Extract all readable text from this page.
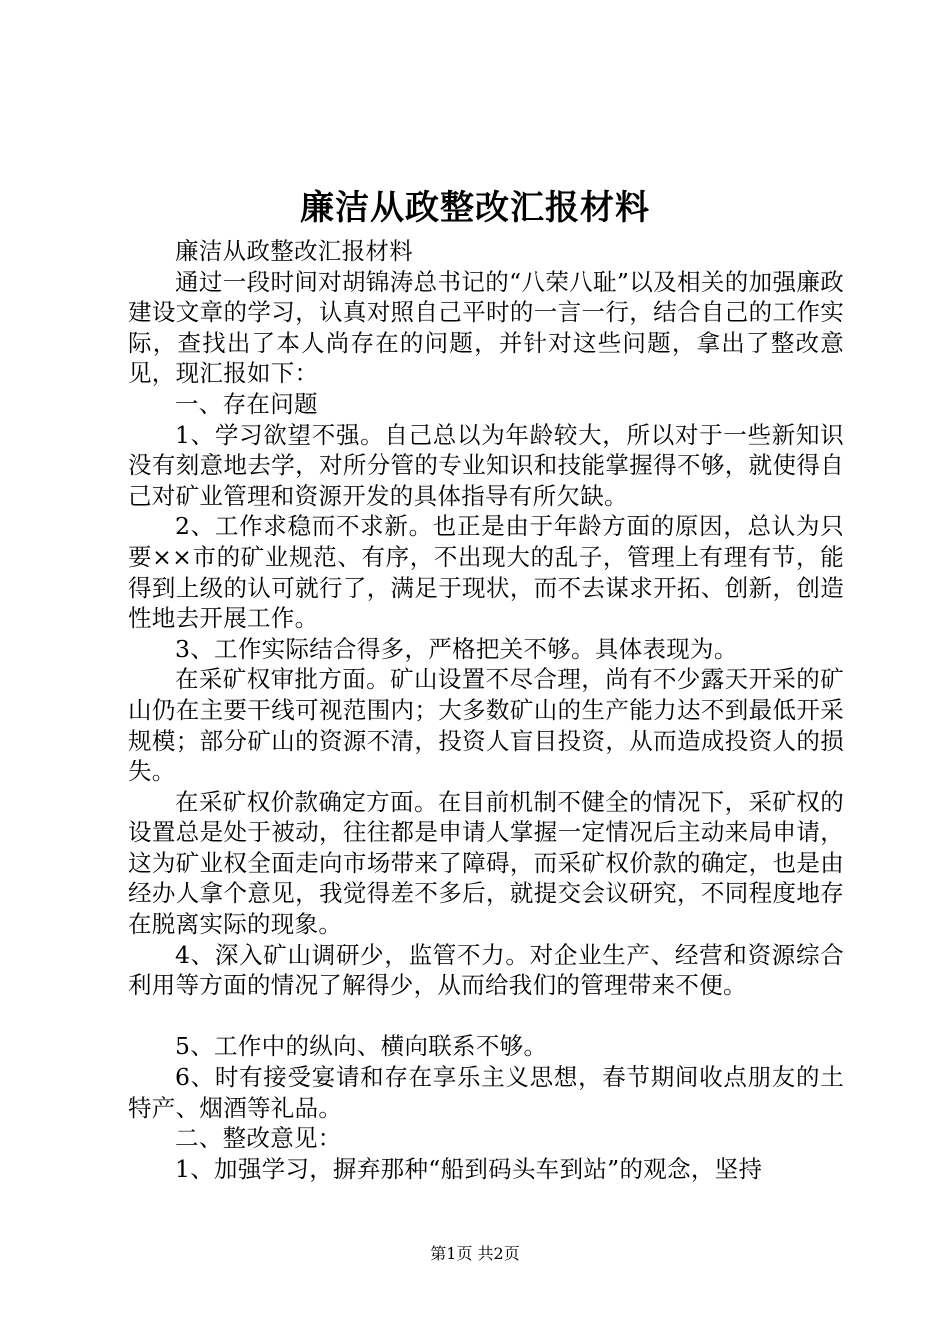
廉洁从政整改汇报材料

廉洁从政整改汇报材料

通过一段时间对胡锦涛总书记的“八荣八耻”以及相关的加强廉政建设文章的学习，认真对照自己平时的一言一行，结合自己的工作实际，查找出了本人尚存在的问题，并针对这些问题，拿出了整改意见，现汇报如下：

一、存在问题

1、学习欲望不强。自己总以为年龄较大，所以对于一些新知识没有刻意地去学，对所分管的专业知识和技能掌握得不够，就使得自己对矿业管理和资源开发的具体指导有所欠缺。

2、工作求稳而不求新。也正是由于年龄方面的原因，总认为只要××市的矿业规范、有序，不出现大的乱子，管理上有理有节，能得到上级的认可就行了，满足于现状，而不去谋求开拓、创新，创造性地去开展工作。

3、工作实际结合得多，严格把关不够。具体表现为。

在采矿权审批方面。矿山设置不尽合理，尚有不少露天开采的矿山仍在主要干线可视范围内；大多数矿山的生产能力达不到最低开采规模；部分矿山的资源不清，投资人盲目投资，从而造成投资人的损失。

在采矿权价款确定方面。在目前机制不健全的情况下，采矿权的设置总是处于被动，往往都是申请人掌握一定情况后主动来局申请，这为矿业权全面走向市场带来了障碍，而采矿权价款的确定，也是由经办人拿个意见，我觉得差不多后，就提交会议研究，不同程度地存在脱离实际的现象。

4、深入矿山调研少，监管不力。对企业生产、经营和资源综合利用等方面的情况了解得少，从而给我们的管理带来不便。

5、工作中的纵向、横向联系不够。

6、时有接受宴请和存在享乐主义思想，春节期间收点朋友的土特产、烟酒等礼品。

二、整改意见：

1、加强学习，摒弃那种“船到码头车到站”的观念，坚持

第1页 共2页
